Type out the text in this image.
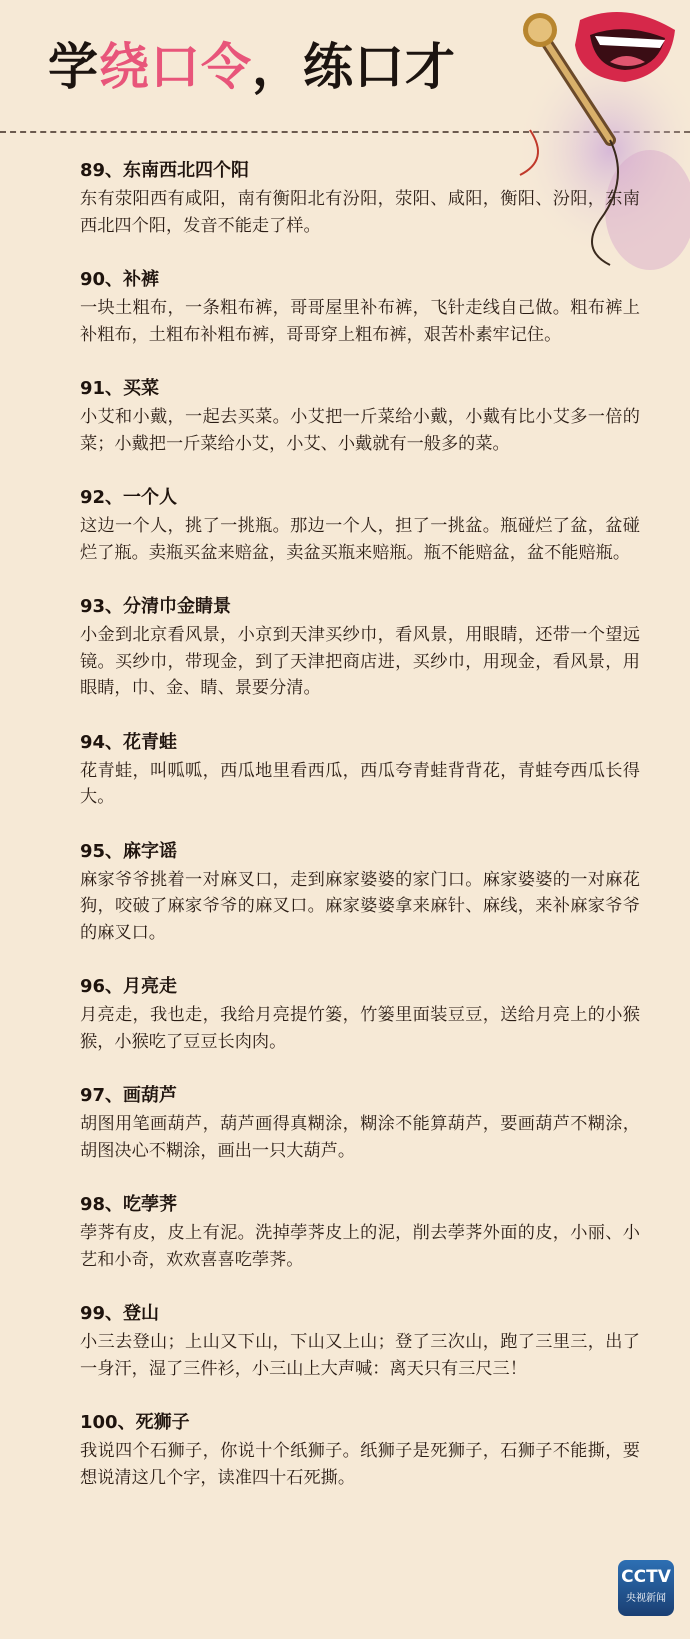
学绕口令，练口才

89、东南西北四个阳

东有荥阳西有咸阳，南有衡阳北有汾阳，荥阳、咸阳，衡阳、汾阳，东南西北四个阳，发音不能走了样。

90、补裤

一块土粗布，一条粗布裤，哥哥屋里补布裤，飞针走线自己做。粗布裤上补粗布，土粗布补粗布裤，哥哥穿上粗布裤，艰苦朴素牢记住。

91、买菜

小艾和小戴，一起去买菜。小艾把一斤菜给小戴，小戴有比小艾多一倍的菜；小戴把一斤菜给小艾，小艾、小戴就有一般多的菜。

92、一个人

这边一个人，挑了一挑瓶。那边一个人，担了一挑盆。瓶碰烂了盆，盆碰烂了瓶。卖瓶买盆来赔盆，卖盆买瓶来赔瓶。瓶不能赔盆，盆不能赔瓶。

93、分清巾金睛景

小金到北京看风景，小京到天津买纱巾，看风景，用眼睛，还带一个望远镜。买纱巾，带现金，到了天津把商店进，买纱巾，用现金，看风景，用眼睛，巾、金、睛、景要分清。

94、花青蛙

花青蛙，叫呱呱，西瓜地里看西瓜，西瓜夸青蛙背背花，青蛙夸西瓜长得大。

95、麻字谣

麻家爷爷挑着一对麻叉口，走到麻家婆婆的家门口。麻家婆婆的一对麻花狗，咬破了麻家爷爷的麻叉口。麻家婆婆拿来麻针、麻线，来补麻家爷爷的麻叉口。

96、月亮走

月亮走，我也走，我给月亮提竹篓，竹篓里面装豆豆，送给月亮上的小猴猴，小猴吃了豆豆长肉肉。

97、画葫芦

胡图用笔画葫芦，葫芦画得真糊涂，糊涂不能算葫芦，要画葫芦不糊涂，胡图决心不糊涂，画出一只大葫芦。

98、吃荸荠

荸荠有皮，皮上有泥。洗掉荸荠皮上的泥，削去荸荠外面的皮，小丽、小艺和小奇，欢欢喜喜吃荸荠。

99、登山

小三去登山；上山又下山，下山又上山；登了三次山，跑了三里三，出了一身汗，湿了三件衫，小三山上大声喊：离天只有三尺三！

100、死狮子

我说四个石狮子，你说十个纸狮子。纸狮子是死狮子，石狮子不能撕，要想说清这几个字，读准四十石死撕。

CCTV
央视新闻
